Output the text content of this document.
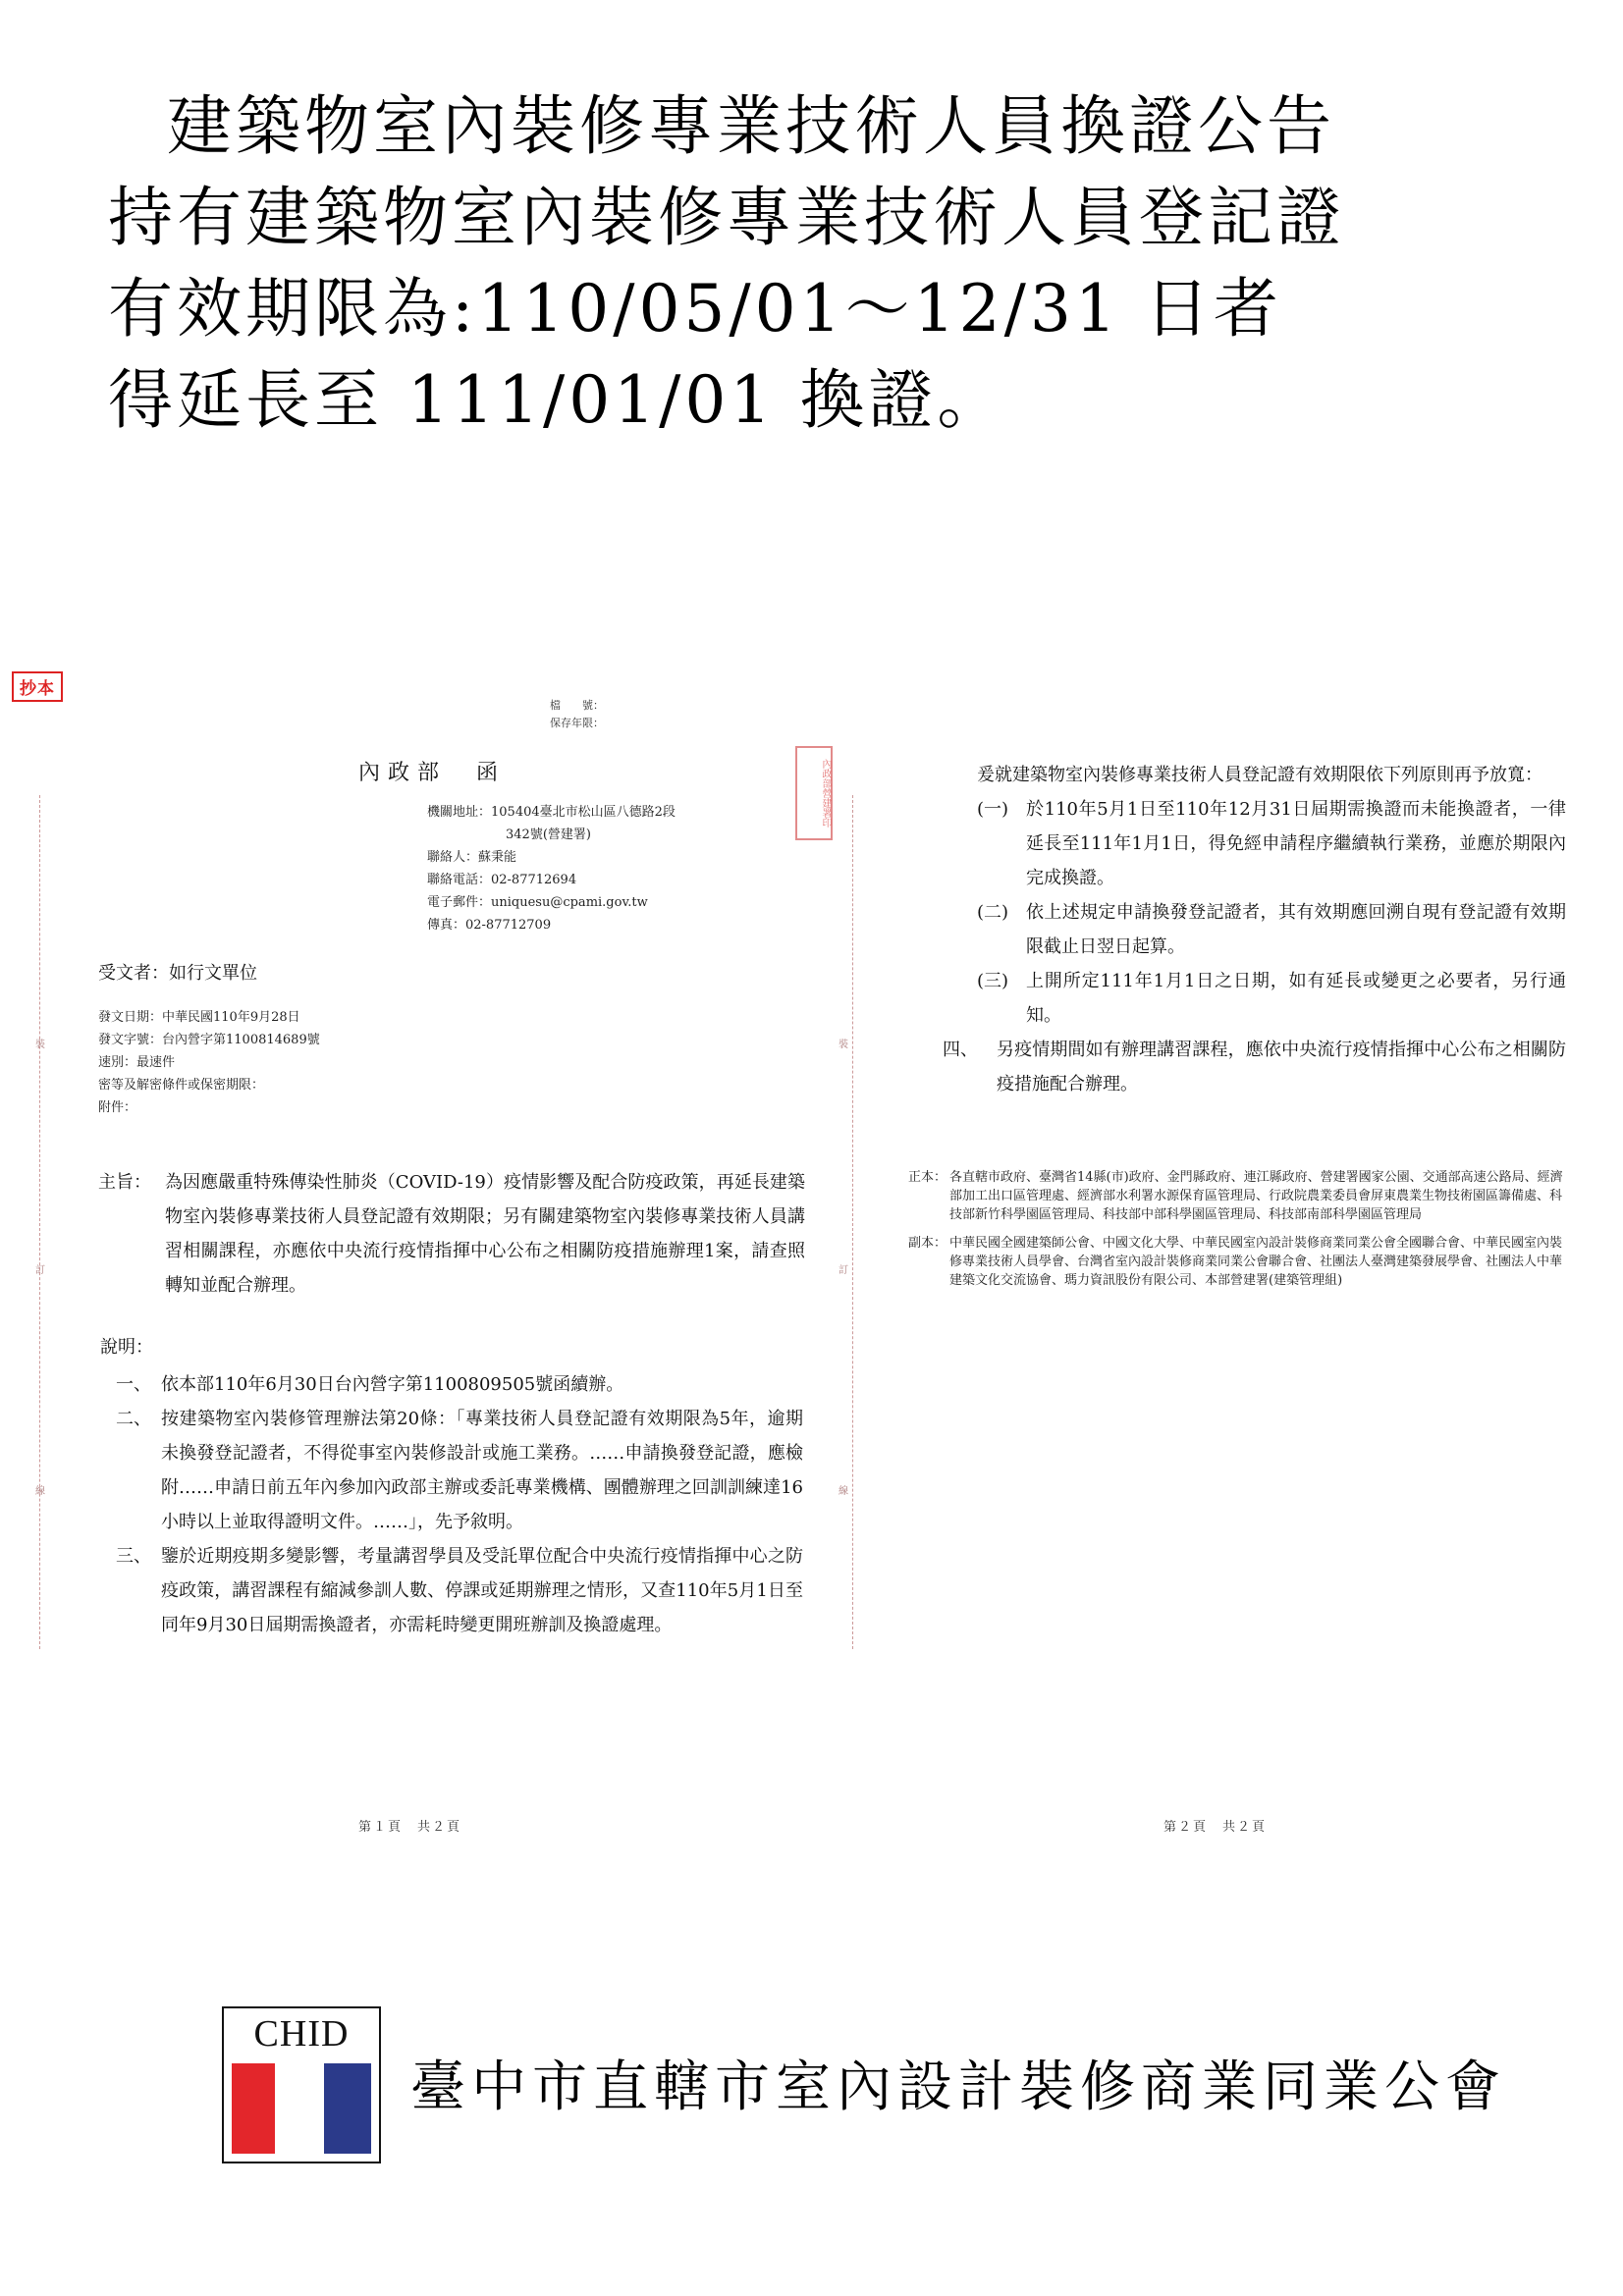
建築物室內裝修專業技術人員換證公告
持有建築物室內裝修專業技術人員登記證
有效期限為:110/05/01～12/31 日者
得延長至 111/01/01 換證。
抄本
裝
訂
線
檔　　號：
保存年限：
內政部　函	內政部營建署印
機關地址：105404臺北市松山區八德路2段
342號(營建署)
聯絡人：蘇秉能
聯絡電話：02-87712694
電子郵件：uniquesu@cpami.gov.tw
傳真：02-87712709
受文者：如行文單位
發文日期：中華民國110年9月28日
發文字號：台內營字第1100814689號
速別：最速件
密等及解密條件或保密期限：
附件：
主旨： 為因應嚴重特殊傳染性肺炎（COVID-19）疫情影響及配合防疫政策，再延長建築物室內裝修專業技術人員登記證有效期限；另有關建築物室內裝修專業技術人員講習相關課程，亦應依中央流行疫情指揮中心公布之相關防疫措施辦理1案，請查照轉知並配合辦理。
說明：
一、 依本部110年6月30日台內營字第1100809505號函續辦。
二、 按建築物室內裝修管理辦法第20條：「專業技術人員登記證有效期限為5年，逾期未換發登記證者，不得從事室內裝修設計或施工業務。……申請換發登記證，應檢附……申請日前五年內參加內政部主辦或委託專業機構、團體辦理之回訓訓練達16小時以上並取得證明文件。……」，先予敘明。
三、 鑒於近期疫期多變影響，考量講習學員及受託單位配合中央流行疫情指揮中心之防疫政策，講習課程有縮減參訓人數、停課或延期辦理之情形，又查110年5月1日至同年9月30日屆期需換證者，亦需耗時變更開班辦訓及換證處理。
第１頁　共２頁
裝
訂
線
爰就建築物室內裝修專業技術人員登記證有效期限依下列原則再予放寬：
(一) 於110年5月1日至110年12月31日屆期需換證而未能換證者，一律延長至111年1月1日，得免經申請程序繼續執行業務，並應於期限內完成換證。
(二) 依上述規定申請換發登記證者，其有效期應回溯自現有登記證有效期限截止日翌日起算。
(三) 上開所定111年1月1日之日期，如有延長或變更之必要者，另行通知。
四、 另疫情期間如有辦理講習課程，應依中央流行疫情指揮中心公布之相關防疫措施配合辦理。
正本： 各直轄市政府、臺灣省14縣(市)政府、金門縣政府、連江縣政府、營建署國家公園、交通部高速公路局、經濟部加工出口區管理處、經濟部水利署水源保育區管理局、行政院農業委員會屏東農業生物技術園區籌備處、科技部新竹科學園區管理局、科技部中部科學園區管理局、科技部南部科學園區管理局
副本： 中華民國全國建築師公會、中國文化大學、中華民國室內設計裝修商業同業公會全國聯合會、中華民國室內裝修專業技術人員學會、台灣省室內設計裝修商業同業公會聯合會、社團法人臺灣建築發展學會、社團法人中華建築文化交流協會、瑪力資訊股份有限公司、本部營建署(建築管理組)
第２頁　共２頁
CHID
臺中市直轄市室內設計裝修商業同業公會
